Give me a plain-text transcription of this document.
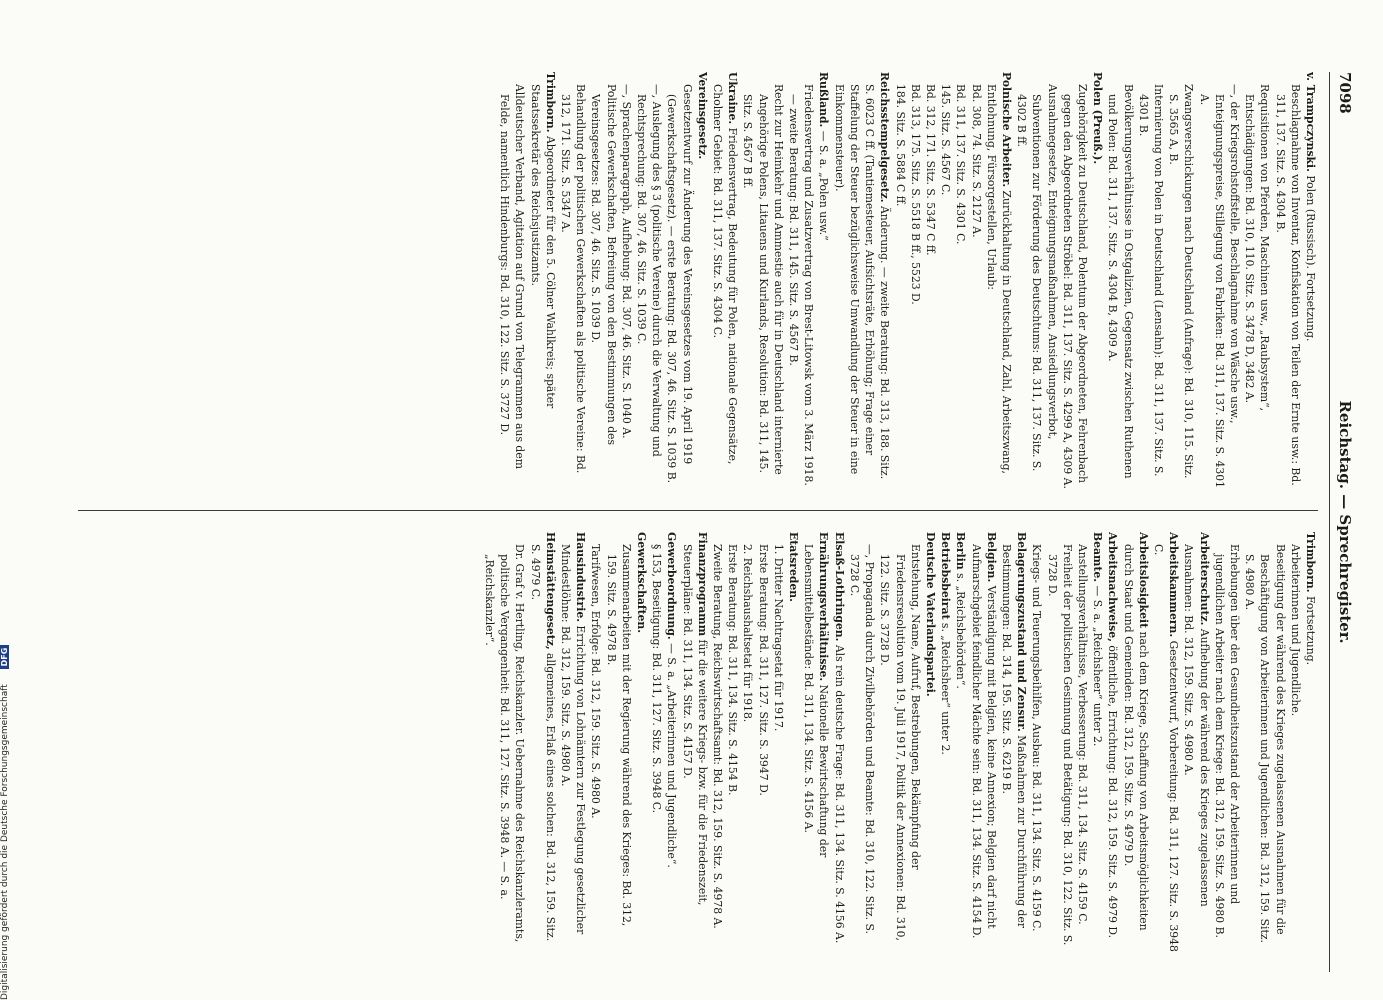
7098
Reichstag. — Sprechregister.

v. Trampczynski. Polen (Russisch). Fortsetzung.

Beschlagnahme von Inventar, Konfiskation von Teilen der Ernte usw.: Bd. 311, 137. Sitz. S. 4304 B.

Requisitionen von Pferden, Maschinen usw., „Raubsystem“, Entschädigungen: Bd. 310, 110. Sitz. S. 3478 D, 3482 A.

—, der Kriegsrohstoffstelle, Beschlagnahme von Wäsche usw., Enteignungspreise, Stillegung von Fabriken: Bd. 311, 137. Sitz. S. 4301 A.

Zwangsverschickungen nach Deutschland (Anfrage): Bd. 310, 115. Sitz. S. 3565 A, B.

Internierung von Polen in Deutschland (Lensahn): Bd. 311, 137. Sitz. S. 4301 B.

Bevölkerungsverhältnisse in Ostgalizien, Gegensatz zwischen Ruthenen und Polen: Bd. 311, 137. Sitz. S. 4304 B, 4309 A.

Polen (Preuß.).

Zugehörigkeit zu Deutschland, Polentum der Abgeordneten, Fehrenbach gegen den Abgeordneten Ströbel: Bd. 311, 137. Sitz. S. 4299 A, 4309 A.

Ausnahmegesetze, Enteignungsmaßnahmen, Ansiedlungsverbot, Subventionen zur Förderung des Deutschtums: Bd. 311, 137. Sitz. S. 4302 B ff.

Polnische Arbeiter. Zurückhaltung in Deutschland, Zahl, Arbeitszwang, Entlohnung, Fürsorgestellen, Urlaub:

Bd. 308, 74. Sitz. S. 2127 A.

Bd. 311, 137. Sitz. S. 4301 C.

145. Sitz. S. 4567 C.

Bd. 312, 171. Sitz. S. 5347 C ff.

Bd. 313, 175. Sitz. S. 5518 B ff., 5523 D.

184. Sitz. S. 5884 C ff.

Reichsstempelgesetz. Änderung. — zweite Beratung: Bd. 313, 188. Sitz. S. 6023 C ff. (Tantiemesteuer, Aufsichtsräte, Erhöhung; Frage einer Staffelung der Steuer bezüglichsweise Umwandlung der Steuer in eine Einkommensteuer).

Rußland. — S. a. „Polen usw.“

Friedensvertrag und Zusatzvertrag von Brest-Litowsk vom 3. März 1918. — zweite Beratung: Bd. 311, 145. Sitz. S. 4567 B.

Recht zur Heimkehr und Ammestie auch für in Deutschland internierte Angehörige Polens, Litauens und Kurlands, Resolution: Bd. 311, 145. Sitz. S. 4567 B ff.

Ukraine. Friedensvertrag, Bedeutung für Polen, nationale Gegensätze, Cholmer Gebiet: Bd. 311, 137. Sitz. S. 4304 C.

Vereinsgesetz.

Gesetzentwurf zur Änderung des Vereinsgesetzes vom 19. April 1919 (Gewerkschaftsgesetz). — erste Beratung: Bd. 307, 46. Sitz. S. 1039 B.

—, Auslegung des § 3 (politische Vereine) durch die Verwaltung und Rechtsprechung: Bd. 307, 46. Sitz. S. 1039 C.

—, Sprachenparagraph, Aufhebung: Bd. 307, 46. Sitz. S. 1040 A.

Politische Gewerkschaften, Befreiung von den Bestimmungen des Vereinsgesetzes: Bd. 307, 46. Sitz. S. 1039 D.

Behandlung der politischen Gewerkschaften als politische Vereine: Bd. 312, 171. Sitz. S. 5347 A.

Trimborn. Abgeordneter für den 5. Cölner Wahlkreis; später Staatssekretär des Reichsjustizamts.

Alldeutscher Verband, Agitation auf Grund von Telegrammen aus dem Felde, namentlich Hindenburgs: Bd. 310, 122. Sitz. S. 3727 D.

Trimborn. Fortsetzung.

Arbeiterinnen und Jugendliche.

Beseitigung der während des Krieges zugelassenen Ausnahmen für die Beschäftigung von Arbeiterinnen und Jugendlichen: Bd. 312, 159. Sitz. S. 4980 A.

Erhebungen über den Gesundheitszustand der Arbeiterinnen und jugendlichen Arbeiter nach dem Kriege: Bd. 312, 159. Sitz. S. 4980 B.

Arbeiterschutz. Aufhebung der während des Krieges zugelassenen Ausnahmen: Bd. 312, 159. Sitz. S. 4980 A.

Arbeitskammern. Gesetzentwurf, Vorbereitung: Bd. 311, 127. Sitz. S. 3948 C.

Arbeitslosigkeit nach dem Kriege, Schaffung von Arbeitsmöglichkeiten durch Staat und Gemeinden: Bd. 312, 159. Sitz. S. 4979 D.

Arbeitsnachweise, öffentliche, Errichtung: Bd. 312, 159. Sitz. S. 4979 D.

Beamte. — S. a. „Reichsheer“ unter 2.

Anstellungsverhältnisse, Verbesserung: Bd. 311, 134. Sitz. S. 4159 C.

Freiheit der politischen Gesinnung und Betätigung: Bd. 310, 122. Sitz. S. 3728 D.

Kriegs- und Teuerungsbeihilfen, Ausbau: Bd. 311, 134. Sitz. S. 4159 C.

Belagerungszustand und Zensur. Maßnahmen zur Durchführung der Bestimmungen: Bd. 314, 195. Sitz. S. 6219 B.

Belgien. Verständigung mit Belgien, keine Annexion; Belgien darf nicht Aufmarschgebiet feindlicher Mächte sein: Bd. 311, 134. Sitz. S. 4154 D.

Berlin s. „Reichsbehörden“.

Betriebsbeirat s. „Reichsheer“ unter 2.

Deutsche Vaterlandspartei.

Entstehung, Name, Aufruf, Bestrebungen, Bekämpfung der Friedensresolution vom 19. Juli 1917, Politik der Annexionen: Bd. 310, 122. Sitz. S. 3728 D.

—, Propaganda durch Zivilbehörden und Beamte: Bd. 310, 122. Sitz. S. 3728 C.

Elsaß-Lothringen. Als rein deutsche Frage: Bd. 311, 134. Sitz. S. 4156 A.

Ernährungsverhältnisse. Nationelle Bewirtschaftung der Lebensmittelbestände: Bd. 311, 134. Sitz. S. 4156 A.

Etatsreden.

1. Dritter Nachtragsetat für 1917.

Erste Beratung: Bd. 311, 127. Sitz. S. 3947 D.

2. Reichshaushaltsetat für 1918.

Erste Beratung: Bd. 311, 134. Sitz. S. 4154 B.

Zweite Beratung, Reichswirtschaftsamt: Bd. 312, 159. Sitz. S. 4978 A.

Finanzprogramm für die weitere Kriegs- bzw. für die Friedenszeit, Steuerpläne: Bd. 311, 134. Sitz. S. 4157 D.

Gewerbeordnung. — S. a. „Arbeiterinnen und Jugendliche“.

§ 153, Beseitigung: Bd. 311, 127. Sitz. S. 3948 C.

Gewerkschaften.

Zusammenarbeiten mit der Regierung während des Krieges: Bd. 312, 159. Sitz. S. 4978 B.

Tarifwesen, Erfolge: Bd. 312, 159. Sitz. S. 4980 A.

Hausindustrie. Errichtung von Lohnämtern zur Festlegung gesetzlicher Mindestlöhne: Bd. 312, 159. Sitz. S. 4980 A.

Heimstättengesetz, allgemeines, Erlaß eines solchen: Bd. 312, 159. Sitz. S. 4979 C.

Dr. Graf v. Hertling, Reichskanzler. Uebernahme des Reichskanzleramts, politische Vergangenheit: Bd. 311, 127. Sitz. S. 3948 A. — S. a. „Reichskanzler“.

Digitalisierung gefördert durch die Deutsche Forschungsgemeinschaft DFG
